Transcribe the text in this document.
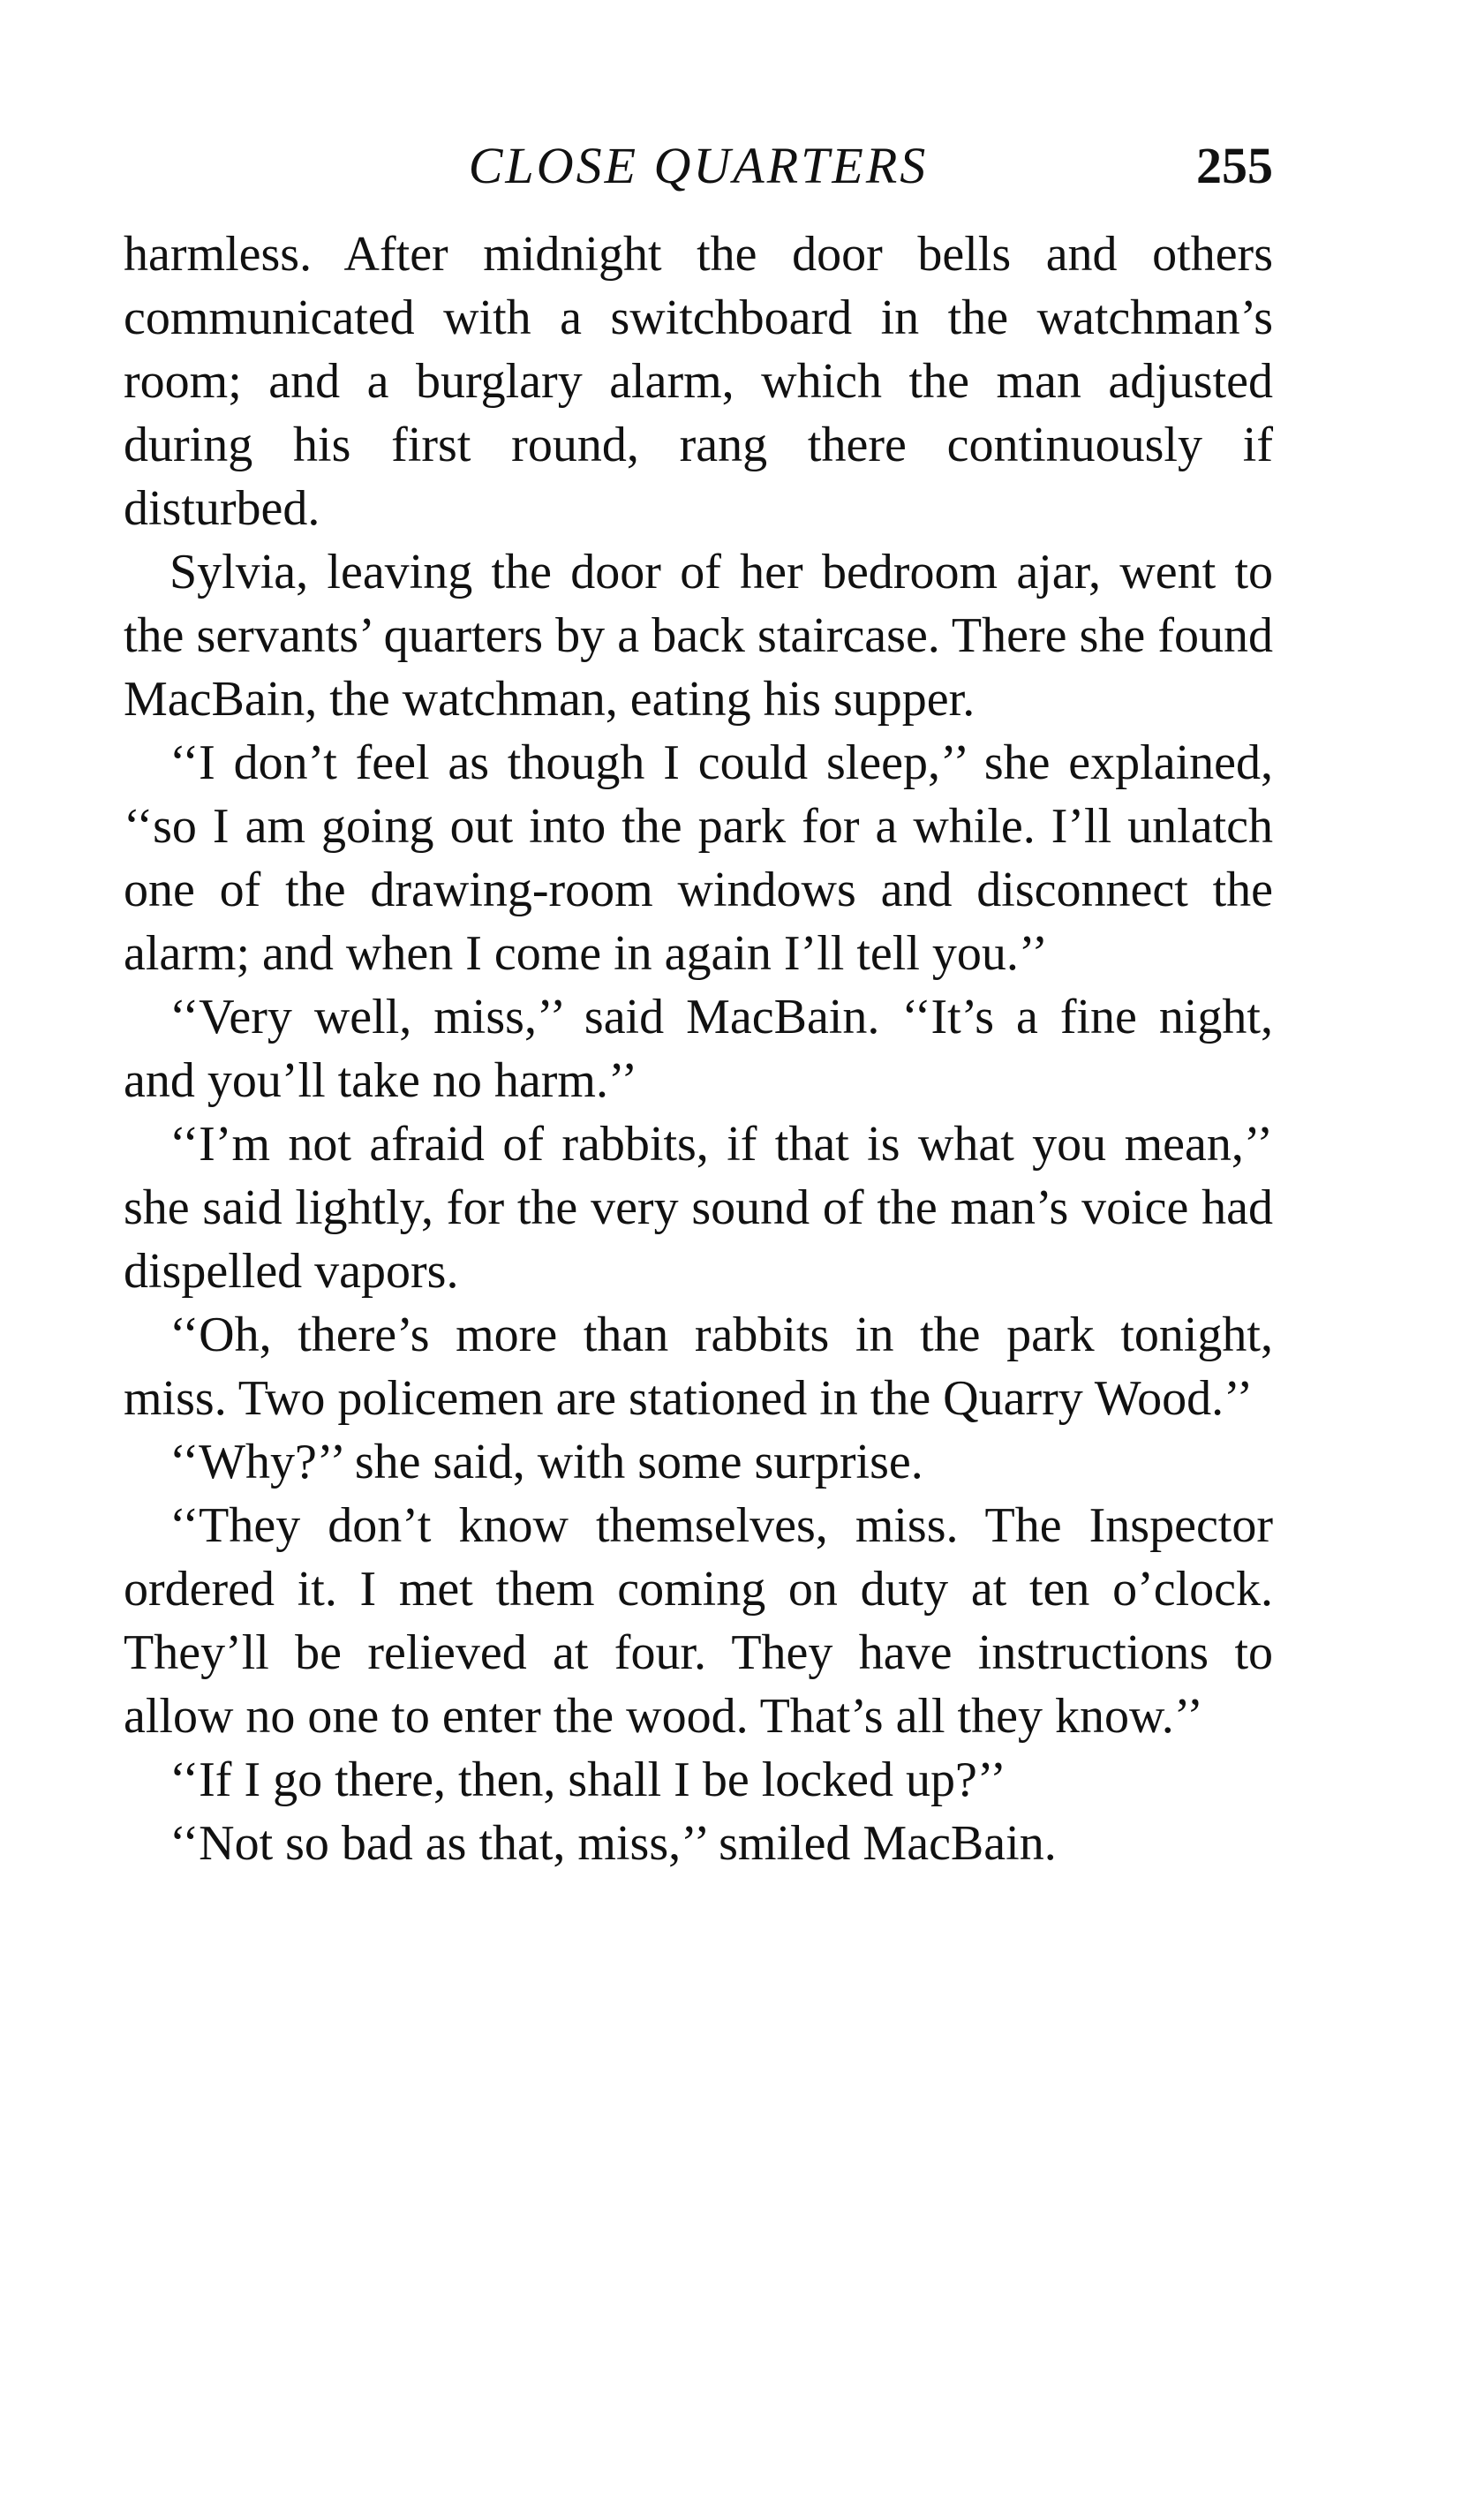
CLOSE QUARTERS	255

harmless. After midnight the door bells and others communicated with a switchboard in the watchman’s room; and a burglary alarm, which the man adjusted during his first round, rang there continuously if disturbed.

Sylvia, leaving the door of her bedroom ajar, went to the servants’ quarters by a back staircase. There she found MacBain, the watchman, eating his supper.

‘‘I don’t feel as though I could sleep,’’ she explained, ‘‘so I am going out into the park for a while. I’ll unlatch one of the drawing-room windows and disconnect the alarm; and when I come in again I’ll tell you.’’

‘‘Very well, miss,’’ said MacBain. ‘‘It’s a fine night, and you’ll take no harm.’’

‘‘I’m not afraid of rabbits, if that is what you mean,’’ she said lightly, for the very sound of the man’s voice had dispelled vapors.

‘‘Oh, there’s more than rabbits in the park tonight, miss. Two policemen are stationed in the Quarry Wood.’’

‘‘Why?’’ she said, with some surprise.

‘‘They don’t know themselves, miss. The Inspector ordered it. I met them coming on duty at ten o’clock. They’ll be relieved at four. They have instructions to allow no one to enter the wood. That’s all they know.’’

‘‘If I go there, then, shall I be locked up?’’

‘‘Not so bad as that, miss,’’ smiled MacBain.
